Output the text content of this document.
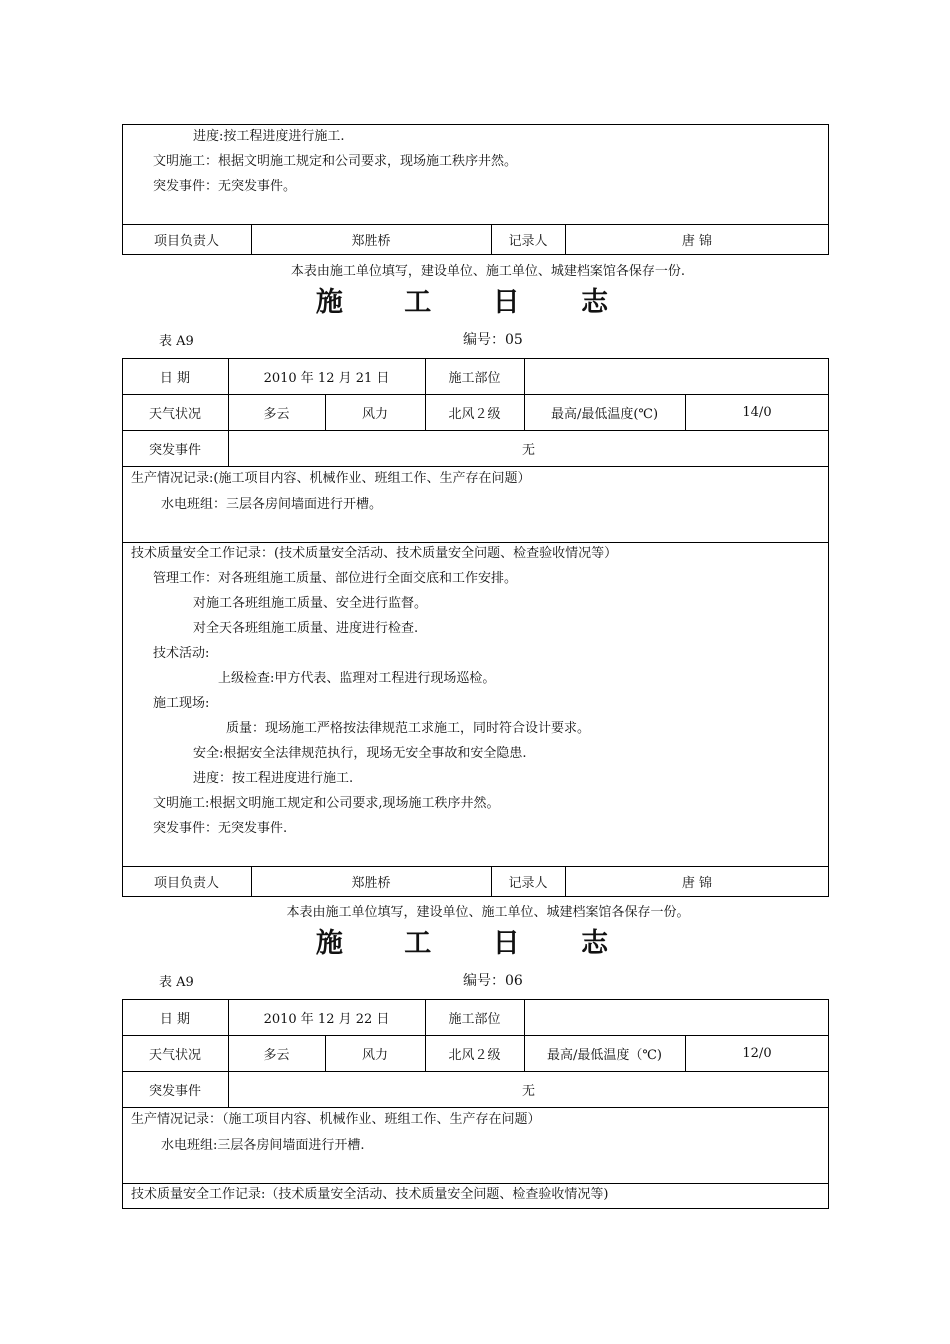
进度:按工程进度进行施工.
文明施工：根据文明施工规定和公司要求，现场施工秩序井然。
突发事件：无突发事件。
项目负责人	郑胜桥	记录人	唐 锦
本表由施工单位填写，建设单位、施工单位、城建档案馆各保存一份.
施 工 日 志
表 A9	编号：05
日 期	2010 年 12 月 21 日	施工部位
天气状况	多云	风力	北风２级	最高/最低温度(℃)	14/0
突发事件	无
生产情况记录:(施工项目内容、机械作业、班组工作、生产存在问题）
水电班组：三层各房间墙面进行开槽。
技术质量安全工作记录：(技术质量安全活动、技术质量安全问题、检查验收情况等）
管理工作：对各班组施工质量、部位进行全面交底和工作安排。
对施工各班组施工质量、安全进行监督。
对全天各班组施工质量、进度进行检查.
技术活动:
上级检查:甲方代表、监理对工程进行现场巡检。
施工现场:
质量：现场施工严格按法律规范工求施工，同时符合设计要求。
安全:根据安全法律规范执行，现场无安全事故和安全隐患.
进度：按工程进度进行施工.
文明施工:根据文明施工规定和公司要求,现场施工秩序井然。
突发事件：无突发事件.
项目负责人	郑胜桥	记录人	唐 锦
本表由施工单位填写，建设单位、施工单位、城建档案馆各保存一份。
施 工 日 志
表 A9	编号：06
日 期	2010 年 12 月 22 日	施工部位
天气状况	多云	风力	北风２级	最高/最低温度（℃)	12/0
突发事件	无
生产情况记录：（施工项目内容、机械作业、班组工作、生产存在问题）
水电班组:三层各房间墙面进行开槽.
技术质量安全工作记录:（技术质量安全活动、技术质量安全问题、检查验收情况等)
